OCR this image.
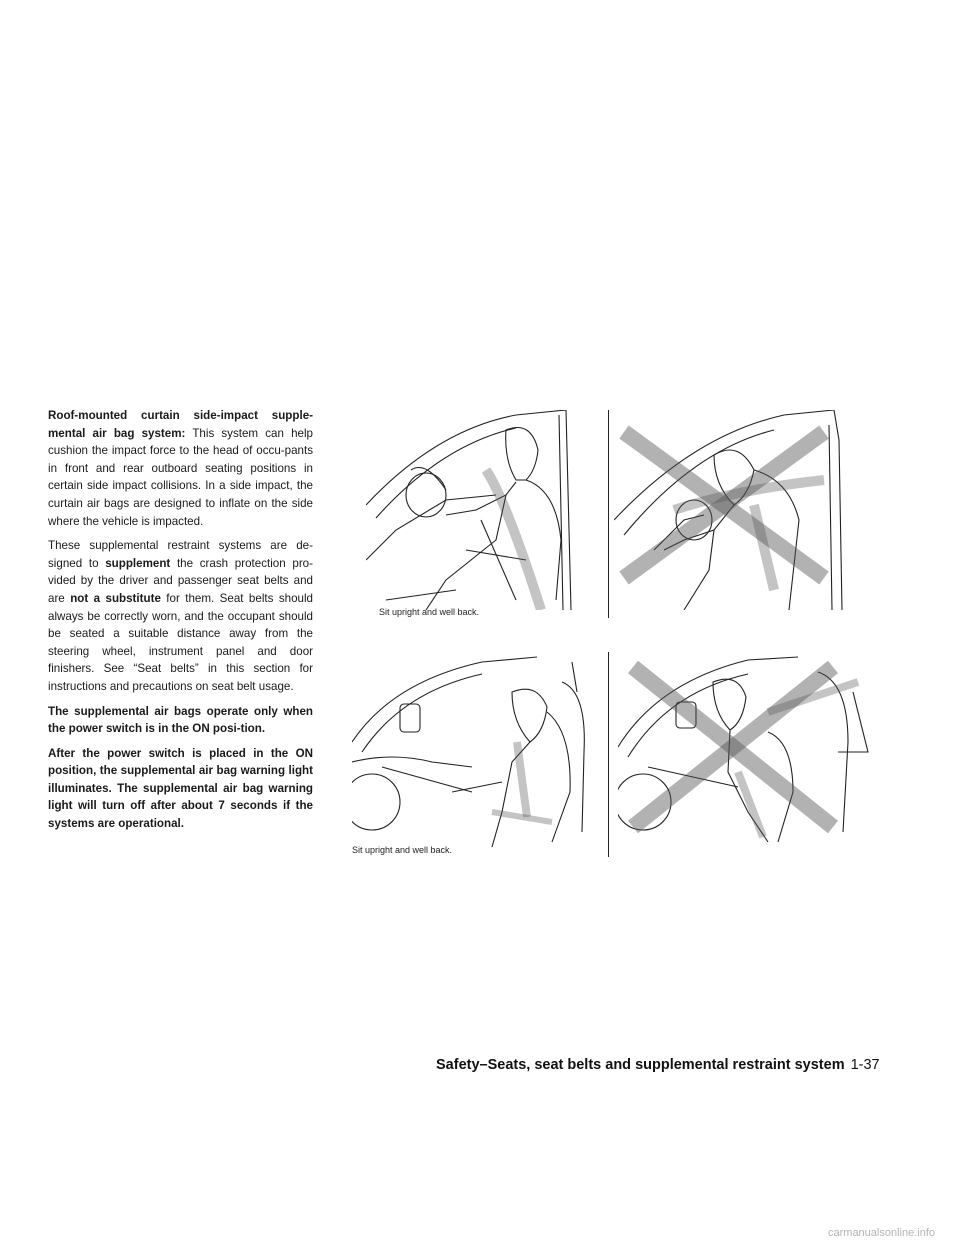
Roof-mounted curtain side-impact supple-mental air bag system: This system can help cushion the impact force to the head of occu-pants in front and rear outboard seating positions in certain side impact collisions. In a side impact, the curtain air bags are designed to inflate on the side where the vehicle is impacted.

These supplemental restraint systems are de-signed to supplement the crash protection pro-vided by the driver and passenger seat belts and are not a substitute for them. Seat belts should always be correctly worn, and the occupant should be seated a suitable distance away from the steering wheel, instrument panel and door finishers. See “Seat belts” in this section for instructions and precautions on seat belt usage.

The supplemental air bags operate only when the power switch is in the ON posi-tion.

After the power switch is placed in the ON position, the supplemental air bag warning light illuminates. The supplemental air bag warning light will turn off after about 7 seconds if the systems are operational.

Sit upright and well back.
Sit upright and well back.
Safety–Seats, seat belts and supplemental restraint system 1-37
carmanualsonline.info
